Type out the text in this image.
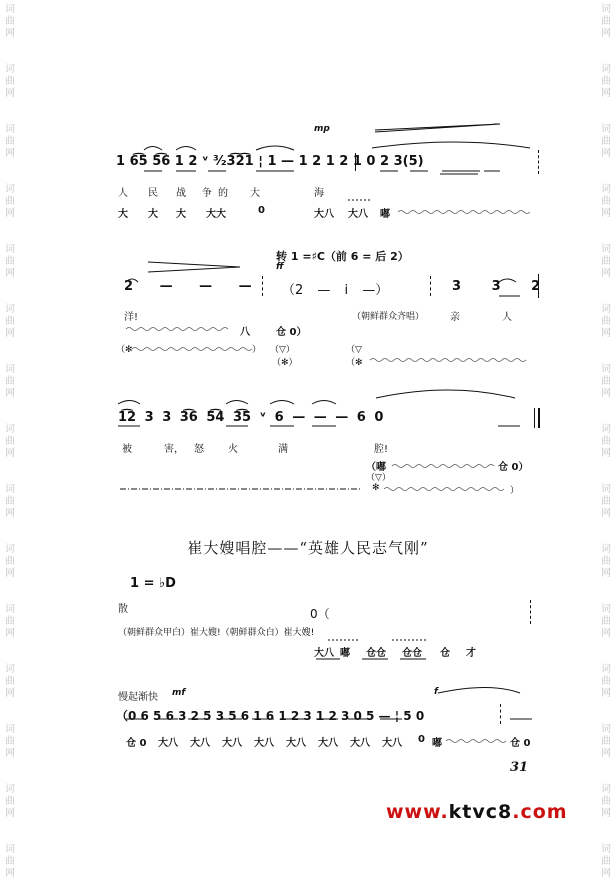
词曲网
词曲网
词曲网
词曲网
词曲网
词曲网
词曲网
词曲网
词曲网
词曲网
词曲网
词曲网
词曲网
词曲网
词曲网
词曲网
词曲网
词曲网
词曲网
词曲网
词曲网
词曲网
词曲网
词曲网
词曲网
词曲网
词曲网
词曲网
词曲网
词曲网
mp
1 6͡5 5͡6 1 2 ᵛ ³⁄₂3͡2͡1 ¦ 1 — 1 2 1 2 1 0 2 3(5)
人 民 战 争 的 大	海
大 大 大 大大	0	大八 大八 嘟
转 1 =♯C（前 6 = 后 2）
ff
2 — — — （2 — i —）	3 3 2
洋!	（朝鲜群众齐唱）	亲	人
八	仓 0）
（✻	） （▽）
（✻）
（▽
（✻
1͡2 3 3 3͡6 5͡4 3͡5 ᵛ 6 — — — 6 0
被	害， 怒 火	满	腔!
（嘟	仓 0）
（▽）
✻	）
崔大嫂唱腔——“英雄人民志气刚”
1 = ♭D
散	0（
（朝鲜群众甲白）崔大嫂!（朝鲜群众白）崔大嫂!
大八 嘟 仓仓 仓仓 仓 才
慢起渐快 mf	f
（0 6 5 6 3 2 5 3 5 6 1 6 1 2 3 1 2 3 0 5 — ¦ 5 0
仓 0 大八 大八 大八 大八 大八 大八 大八 大八 0 嘟	仓 0
31
www.ktvc8.com
